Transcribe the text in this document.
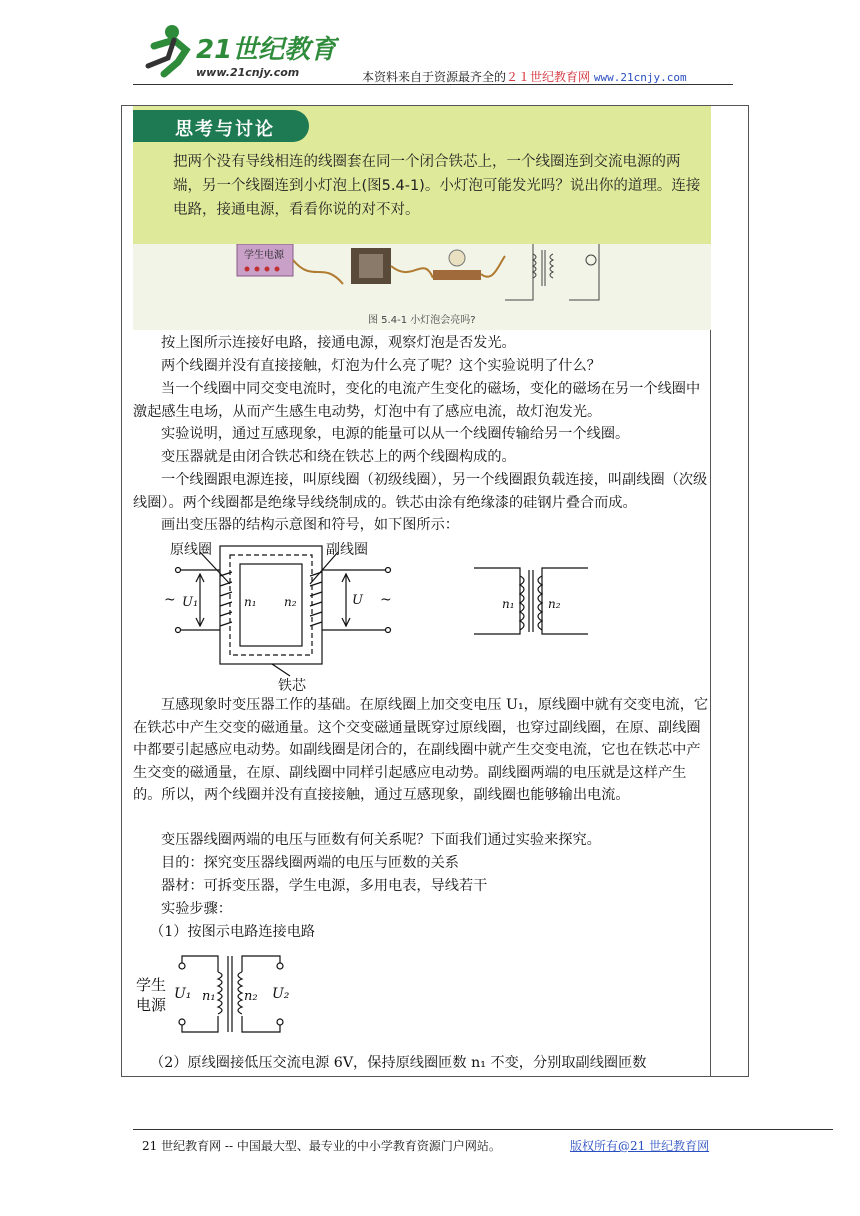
21世纪教育
www.21cnjy.com	本资料来自于资源最齐全的２１世纪教育网 www.21cnjy.com
思考与讨论
把两个没有导线相连的线圈套在同一个闭合铁芯上，一个线圈连到交流电源的两端，另一个线圈连到小灯泡上(图5.4-1)。小灯泡可能发光吗？说出你的道理。连接电路，接通电源，看看你说的对不对。
学生电源
图 5.4-1 小灯泡会亮吗?
按上图所示连接好电路，接通电源，观察灯泡是否发光。
两个线圈并没有直接接触，灯泡为什么亮了呢？这个实验说明了什么？
当一个线圈中同交变电流时，变化的电流产生变化的磁场，变化的磁场在另一个线圈中激起感生电场，从而产生感生电动势，灯泡中有了感应电流，故灯泡发光。
实验说明，通过互感现象，电源的能量可以从一个线圈传输给另一个线圈。
变压器就是由闭合铁芯和绕在铁芯上的两个线圈构成的。
一个线圈跟电源连接，叫原线圈（初级线圈），另一个线圈跟负载连接，叫副线圈（次级线圈）。两个线圈都是绝缘导线绕制成的。铁芯由涂有绝缘漆的硅钢片叠合而成。
画出变压器的结构示意图和符号，如下图所示：
原线圈	副线圈
铁芯
~ U₁	n₁ n₂	U ~	n₁	n₂
互感现象时变压器工作的基础。在原线圈上加交变电压 U₁，原线圈中就有交变电流，它在铁芯中产生交变的磁通量。这个交变磁通量既穿过原线圈，也穿过副线圈，在原、副线圈中都要引起感应电动势。如副线圈是闭合的，在副线圈中就产生交变电流，它也在铁芯中产生交变的磁通量，在原、副线圈中同样引起感应电动势。副线圈两端的电压就是这样产生的。所以，两个线圈并没有直接接触，通过互感现象，副线圈也能够输出电流。
变压器线圈两端的电压与匝数有何关系呢？下面我们通过实验来探究。
目的：探究变压器线圈两端的电压与匝数的关系
器材：可拆变压器，学生电源，多用电表，导线若干
实验步骤：
（1）按图示电路连接电路
学生
电源
U₁ n₁ n₂ U₂
（2）原线圈接低压交流电源 6V，保持原线圈匝数 n₁ 不变，分别取副线圈匝数
21 世纪教育网 -- 中国最大型、最专业的中小学教育资源门户网站。	版权所有@21 世纪教育网
